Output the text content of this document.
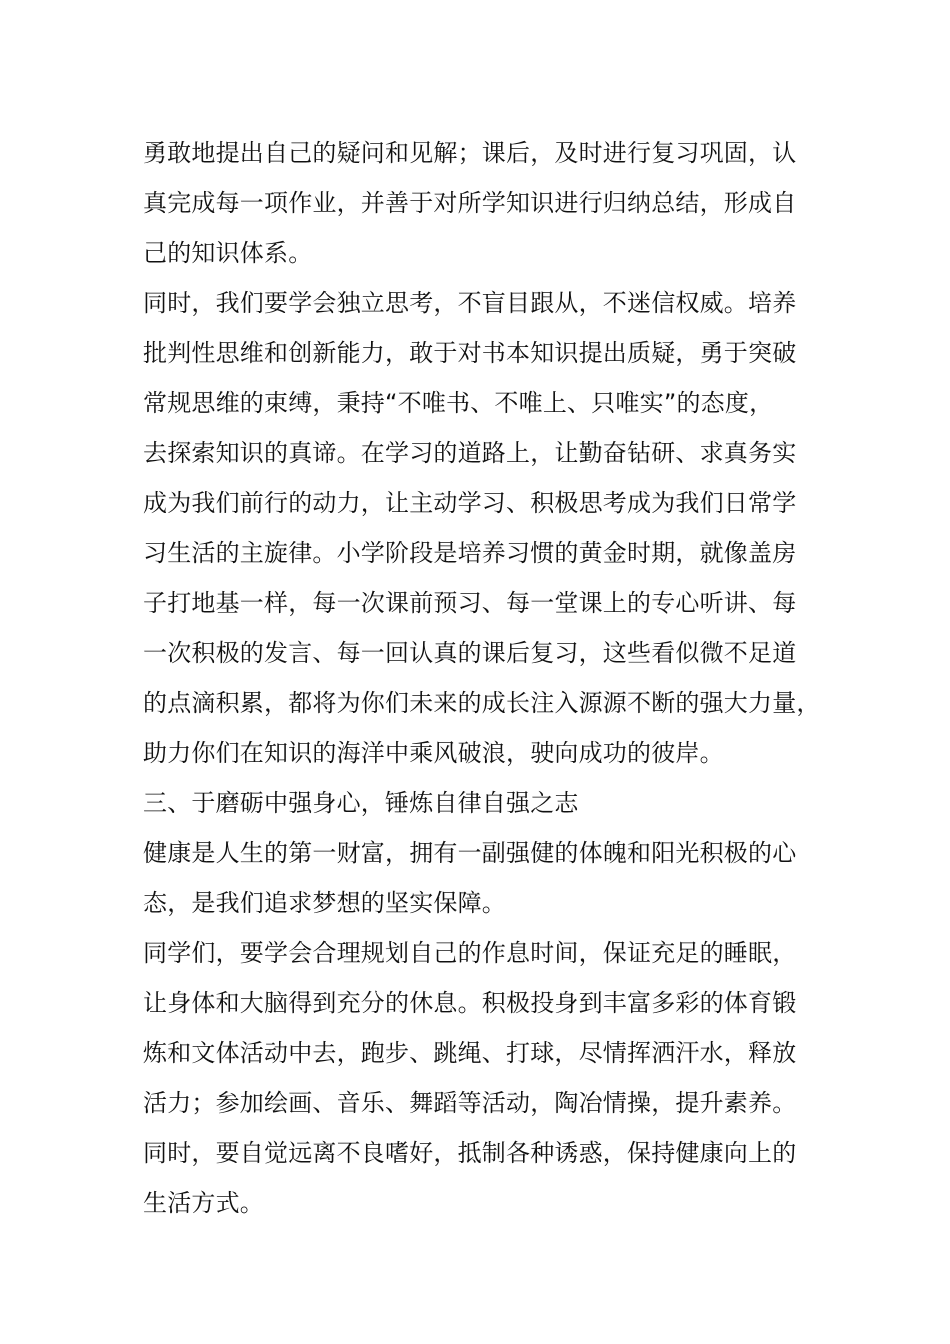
勇敢地提出自己的疑问和见解；课后，及时进行复习巩固，认
真完成每一项作业，并善于对所学知识进行归纳总结，形成自
己的知识体系。
同时，我们要学会独立思考，不盲目跟从，不迷信权威。培养
批判性思维和创新能力，敢于对书本知识提出质疑，勇于突破
常规思维的束缚，秉持“不唯书、不唯上、只唯实”的态度，
去探索知识的真谛。在学习的道路上，让勤奋钻研、求真务实
成为我们前行的动力，让主动学习、积极思考成为我们日常学
习生活的主旋律。小学阶段是培养习惯的黄金时期，就像盖房
子打地基一样，每一次课前预习、每一堂课上的专心听讲、每
一次积极的发言、每一回认真的课后复习，这些看似微不足道
的点滴积累，都将为你们未来的成长注入源源不断的强大力量，
助力你们在知识的海洋中乘风破浪，驶向成功的彼岸。
三、于磨砺中强身心，锤炼自律自强之志
健康是人生的第一财富，拥有一副强健的体魄和阳光积极的心
态，是我们追求梦想的坚实保障。
同学们，要学会合理规划自己的作息时间，保证充足的睡眠，
让身体和大脑得到充分的休息。积极投身到丰富多彩的体育锻
炼和文体活动中去，跑步、跳绳、打球，尽情挥洒汗水，释放
活力；参加绘画、音乐、舞蹈等活动，陶冶情操，提升素养。
同时，要自觉远离不良嗜好，抵制各种诱惑，保持健康向上的
生活方式。
